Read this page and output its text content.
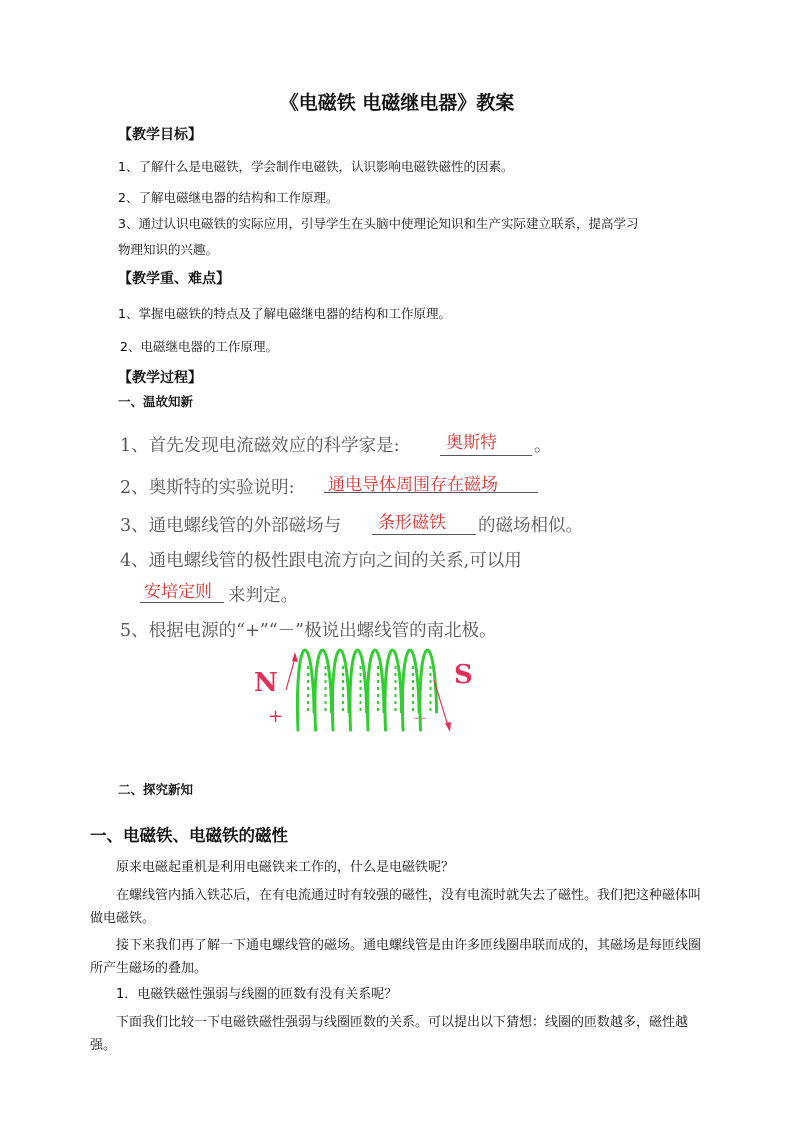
《电磁铁 电磁继电器》教案
【教学目标】
1、了解什么是电磁铁，学会制作电磁铁，认识影响电磁铁磁性的因素。
2、了解电磁继电器的结构和工作原理。
3、通过认识电磁铁的实际应用，引导学生在头脑中使理论知识和生产实际建立联系，提高学习
物理知识的兴趣。
【教学重、难点】
1、掌握电磁铁的特点及了解电磁继电器的结构和工作原理。
2、电磁继电器的工作原理。
【教学过程】
一、温故知新
1、首先发现电流磁效应的科学家是:	奥斯特 。
2、奥斯特的实验说明: 通电导体周围存在磁场
3、通电螺线管的外部磁场与 条形磁铁 的磁场相似。
4、通电螺线管的极性跟电流方向之间的关系,可以用
安培定则 来判定。
5、根据电源的“+”“－”极说出螺线管的南北极。
N	S
+	－
二、探究新知
一、电磁铁、电磁铁的磁性
原来电磁起重机是利用电磁铁来工作的，什么是电磁铁呢？
在螺线管内插入铁芯后，在有电流通过时有较强的磁性，没有电流时就失去了磁性。我们把这种磁体叫做电磁铁。
接下来我们再了解一下通电螺线管的磁场。通电螺线管是由许多匝线圈串联而成的，其磁场是每匝线圈所产生磁场的叠加。
1．电磁铁磁性强弱与线圈的匝数有没有关系呢？
下面我们比较一下电磁铁磁性强弱与线圈匝数的关系。可以提出以下猜想：线圈的匝数越多，磁性越强。
